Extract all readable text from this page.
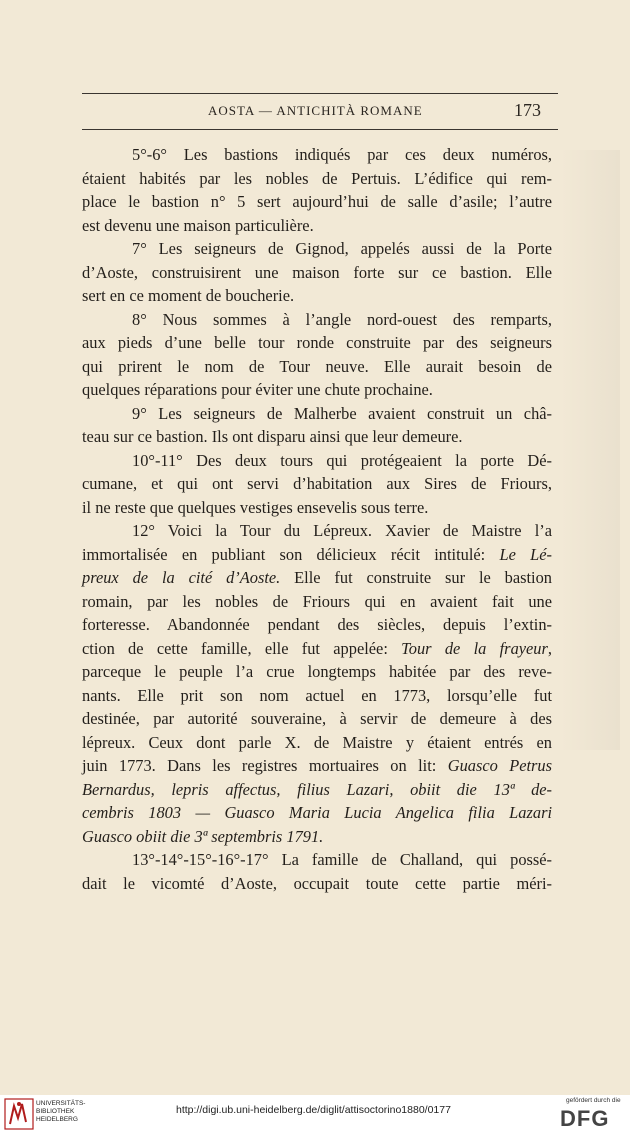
AOSTA — ANTICHITÀ ROMANE	173
5°-6° Les bastions indiqués par ces deux numéros,
étaient habités par les nobles de Pertuis. L’édifice qui rem-
place le bastion n° 5 sert aujourd’hui de salle d’asile; l’autre
est devenu une maison particulière.
7° Les seigneurs de Gignod, appelés aussi de la Porte
d’Aoste, construisirent une maison forte sur ce bastion. Elle
sert en ce moment de boucherie.
8° Nous sommes à l’angle nord-ouest des remparts,
aux pieds d’une belle tour ronde construite par des seigneurs
qui prirent le nom de Tour neuve. Elle aurait besoin de
quelques réparations pour éviter une chute prochaine.
9° Les seigneurs de Malherbe avaient construit un châ-
teau sur ce bastion. Ils ont disparu ainsi que leur demeure.
10°-11° Des deux tours qui protégeaient la porte Dé-
cumane, et qui ont servi d’habitation aux Sires de Friours,
il ne reste que quelques vestiges ensevelis sous terre.
12° Voici la Tour du Lépreux. Xavier de Maistre l’a
immortalisée en publiant son délicieux récit intitulé: Le Lé-
preux de la cité d’Aoste. Elle fut construite sur le bastion
romain, par les nobles de Friours qui en avaient fait une
forteresse. Abandonnée pendant des siècles, depuis l’extin-
ction de cette famille, elle fut appelée: Tour de la frayeur,
parceque le peuple l’a crue longtemps habitée par des reve-
nants. Elle prit son nom actuel en 1773, lorsqu’elle fut
destinée, par autorité souveraine, à servir de demeure à des
lépreux. Ceux dont parle X. de Maistre y étaient entrés en
juin 1773. Dans les registres mortuaires on lit: Guasco Petrus
Bernardus, lepris affectus, filius Lazari, obiit die 13ª de-
cembris 1803 — Guasco Maria Lucia Angelica filia Lazari
Guasco obiit die 3ª septembris 1791.
13°-14°-15°-16°-17° La famille de Challand, qui possé-
dait le vicomté d’Aoste, occupait toute cette partie méri-
UNIVERSITÄTS-
BIBLIOTHEK
HEIDELBERG
http://digi.ub.uni-heidelberg.de/diglit/attisoctorino1880/0177
gefördert durch die
DFG
